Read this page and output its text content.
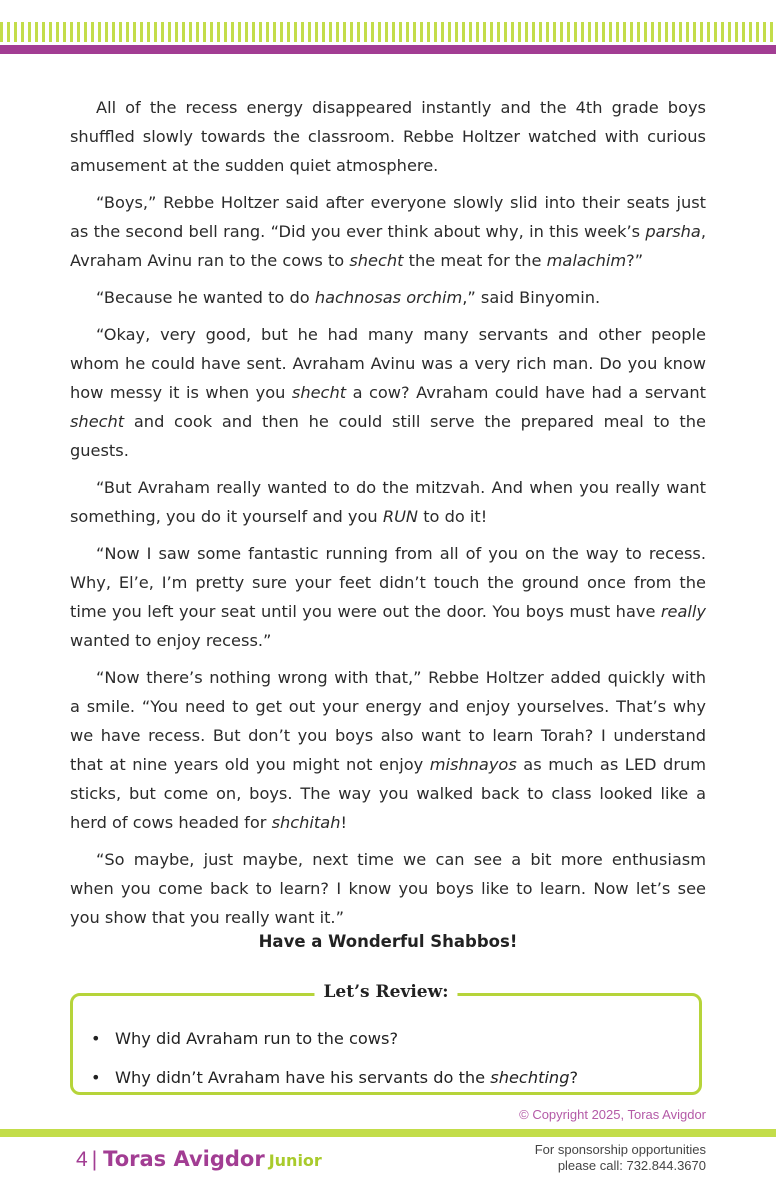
All of the recess energy disappeared instantly and the 4th grade boys shuffled slowly towards the classroom. Rebbe Holtzer watched with curious amusement at the sudden quiet atmosphere.

“Boys,” Rebbe Holtzer said after everyone slowly slid into their seats just as the second bell rang. “Did you ever think about why, in this week’s parsha, Avraham Avinu ran to the cows to shecht the meat for the malachim?”

“Because he wanted to do hachnosas orchim,” said Binyomin.

“Okay, very good, but he had many many servants and other people whom he could have sent. Avraham Avinu was a very rich man. Do you know how messy it is when you shecht a cow? Avraham could have had a servant shecht and cook and then he could still serve the prepared meal to the guests.

“But Avraham really wanted to do the mitzvah. And when you really want something, you do it yourself and you RUN to do it!

“Now I saw some fantastic running from all of you on the way to recess. Why, El’e, I’m pretty sure your feet didn’t touch the ground once from the time you left your seat until you were out the door. You boys must have really wanted to enjoy recess.”

“Now there’s nothing wrong with that,” Rebbe Holtzer added quickly with a smile. “You need to get out your energy and enjoy yourselves. That’s why we have recess. But don’t you boys also want to learn Torah? I understand that at nine years old you might not enjoy mishnayos as much as LED drum sticks, but come on, boys. The way you walked back to class looked like a herd of cows headed for shchitah!

“So maybe, just maybe, next time we can see a bit more enthusiasm when you come back to learn? I know you boys like to learn. Now let’s see you show that you really want it.”

Have a Wonderful Shabbos!
Let’s Review:
• Why did Avraham run to the cows?
• Why didn’t Avraham have his servants do the shechting?
© Copyright 2025, Toras Avigdor
4 | Toras Avigdor Junior
For sponsorship opportunities
please call: 732.844.3670
